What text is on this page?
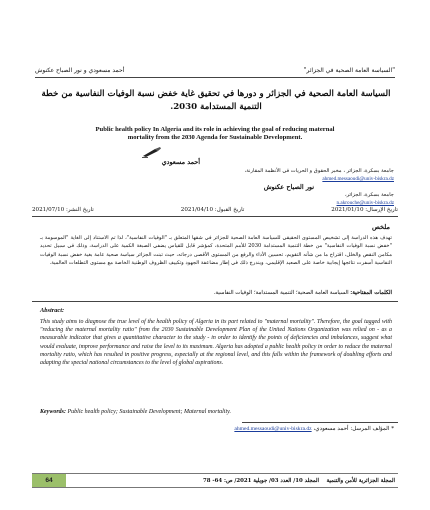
أحمد مسعودي و نور الصباح عكنوش	"السياسة العامة الصحية في الجزائر"
السياسة العامة الصحية في الجزائر و دورها في تحقيق غاية خفض نسبة الوفيات النفاسية من خطة التنمية المستدامة 2030.
Public health policy In Algeria and its role in achieving the goal of reducing maternal mortality from the 2030 Agenda for Sustainable Development.
أحمد مسعودي
جامعة بسكرة، الجزائر ، مخبر الحقوق و الحريات في الأنظمة المقارنة،
ahmed.messaoudi@univ-biskra.dz
نور الصباح عكنوش
جامعة بسكرة، الجزائر،
n.akrouche@univ-biskra.dz
تاريخ الإرسال: 2021/01/10
تاريخ القبول: 2021/04/10
تاريخ النشر: 2021/07/10
ملخص
تهدف هذه الدراسة إلى تشخيص المستوى الحقيقي للسياسة العامة الصحية للجزائر في شقها المتعلق بـ "الوفيات النفاسية"، لذا تم الاستناد إلى الغاية "الموسومة بـ "خفض نسبة الوفيات النفاسية" من خطة التنمية المستدامة 2030 للأمم المتحدة، كمؤشر قابل للقياس يضفي الصبغة الكمية على الدراسة، وذلك في سبيل تحديد مكامن النقص والخلل، اقتراح ما من شأنه التقويم، تحسين الأداء والرفع من المستوى الأقصى درجاته، حيث تبنت الجزائر سياسة صحية عامة بغية خفض نسبة الوفيات النفاسية أسفرت نتائجها إيجابية خاصة على الصعيد الإقليمي، ويندرج ذلك في إطار مضاعفة الجهود وتكييف الظروف الوطنية الخاصة مع مستوى التطلعات العالمية.
الكلمات المفتاحية: السياسة العامة الصحية؛ التنمية المستدامة؛ الوفيات النفاسية.
Abstract:
This study aims to diagnose the true level of the health policy of Algeria in its part related to "maternal mortality". Therefore, the goal tagged with "reducing the maternal mortality ratio" from the 2030 Sustainable Development Plan of the United Nations Organization was relied on - as a measurable indicator that gives a quantitative character to the study - in order to identify the points of deficiencies and imbalances, suggest what would evaluate, improve performance and raise the level to its maximum. Algeria has adopted a public health policy in order to reduce the maternal mortality ratio, which has resulted in positive progress, especially at the regional level, and this falls within the framework of doubling efforts and adapting the special national circumstances to the level of global aspirations.
Keywords: Public health policy; Sustainable Development; Maternal mortality.
* المؤلف المرسل: أحمد مسعودي، ahmed.messaoudi@univ-biskra.dz
64	المجلة الجزائرية للأمن والتنمية    المجلد 10/ العدد 03/ جويلية 2021/ ص: 64- 78
